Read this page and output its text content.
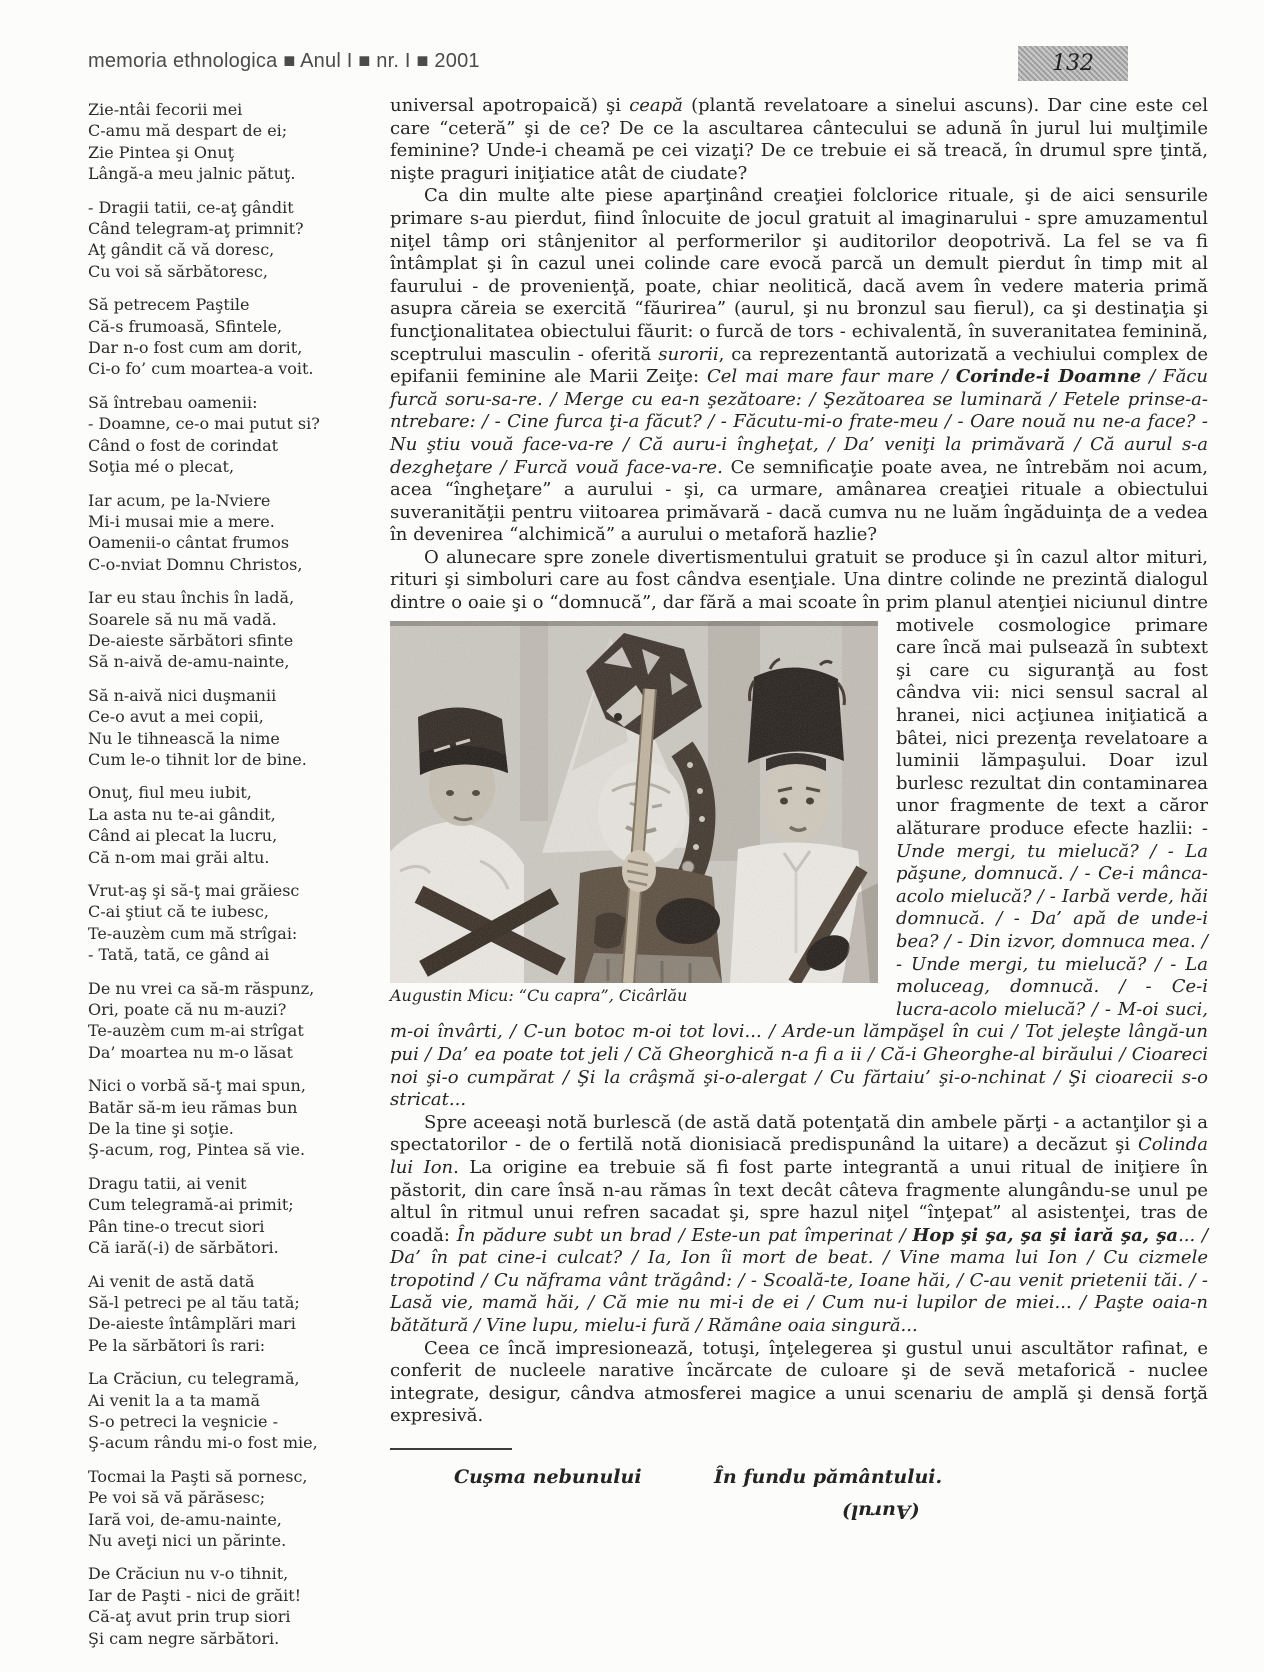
memoria ethnologica ■ Anul I ■ nr. I ■ 2001	132
Zie-ntâi fecorii mei
C-amu mă despart de ei;
Zie Pintea şi Onuţ
Lângă-a meu jalnic pătuţ.
- Dragii tatii, ce-aţ gândit
Când telegram-aţ primnit?
Aţ gândit că vă doresc,
Cu voi să sărbătoresc,
Să petrecem Paştile
Că-s frumoasă, Sfintele,
Dar n-o fost cum am dorit,
Ci-o fo’ cum moartea-a voit.
Să întrebau oamenii:
- Doamne, ce-o mai putut si?
Când o fost de corindat
Soţia mé o plecat,
Iar acum, pe la-Nviere
Mi-i musai mie a mere.
Oamenii-o cântat frumos
C-o-nviat Domnu Christos,
Iar eu stau închis în ladă,
Soarele să nu mă vadă.
De-aieste sărbători sfinte
Să n-aivă de-amu-nainte,
Să n-aivă nici duşmanii
Ce-o avut a mei copii,
Nu le tihnească la nime
Cum le-o tihnit lor de bine.
Onuţ, fiul meu iubit,
La asta nu te-ai gândit,
Când ai plecat la lucru,
Că n-om mai grăi altu.
Vrut-aş şi să-ţ mai grăiesc
C-ai ştiut că te iubesc,
Te-auzèm cum mă strîgai:
- Tată, tată, ce gând ai
De nu vrei ca să-m răspunz,
Ori, poate că nu m-auzi?
Te-auzèm cum m-ai strîgat
Da’ moartea nu m-o lăsat
Nici o vorbă să-ţ mai spun,
Batăr să-m ieu rămas bun
De la tine şi soţie.
Ş-acum, rog, Pintea să vie.
Dragu tatii, ai venit
Cum telegramă-ai primit;
Pân tine-o trecut siori
Că iară(-i) de sărbători.
Ai venit de astă dată
Să-l petreci pe al tău tată;
De-aieste întâmplări mari
Pe la sărbători îs rari:
La Crăciun, cu telegramă,
Ai venit la a ta mamă
S-o petreci la veşnicie -
Ş-acum rându mi-o fost mie,
Tocmai la Paşti să pornesc,
Pe voi să vă părăsesc;
Iară voi, de-amu-nainte,
Nu aveţi nici un părinte.
De Crăciun nu v-o tihnit,
Iar de Paşti - nici de grăit!
Că-aţ avut prin trup siori
Şi cam negre sărbători.

universal apotropaică) şi ceapă (plantă revelatoare a sinelui ascuns). Dar cine este cel care “ceteră” şi de ce? De ce la ascultarea cântecului se adună în jurul lui mulţimile feminine? Unde-i cheamă pe cei vizaţi? De ce trebuie ei să treacă, în drumul spre ţintă, nişte praguri iniţiatice atât de ciudate?

Ca din multe alte piese aparţinând creaţiei folclorice rituale, şi de aici sensurile primare s-au pierdut, fiind înlocuite de jocul gratuit al imaginarului - spre amuzamentul niţel tâmp ori stânjenitor al performerilor şi auditorilor deopotrivă. La fel se va fi întâmplat şi în cazul unei colinde care evocă parcă un demult pierdut în timp mit al faurului - de provenienţă, poate, chiar neolitică, dacă avem în vedere materia primă asupra căreia se exercită “făurirea” (aurul, şi nu bronzul sau fierul), ca şi destinaţia şi funcţionalitatea obiectului făurit: o furcă de tors - echivalentă, în suveranitatea feminină, sceptrului masculin - oferită surorii, ca reprezentantă autorizată a vechiului complex de epifanii feminine ale Marii Zeiţe: Cel mai mare faur mare / Corinde-i Doamne / Făcu furcă soru-sa-re. / Merge cu ea-n şezătoare: / Şezătoarea se luminară / Fetele prinse-a-ntrebare: / - Cine furca ţi-a făcut? / - Făcutu-mi-o frate-meu / - Oare nouă nu ne-a face? - Nu ştiu vouă face-va-re / Că auru-i îngheţat, / Da’ veniţi la primăvară / Că aurul s-a dezgheţare / Furcă vouă face-va-re. Ce semnificaţie poate avea, ne întrebăm noi acum, acea “îngheţare” a aurului - şi, ca urmare, amânarea creaţiei rituale a obiectului suveranităţii pentru viitoarea primăvară - dacă cumva nu ne luăm îngăduinţa de a vedea în devenirea “alchimică” a aurului o metaforă hazlie?

O alunecare spre zonele divertismentului gratuit se produce şi în cazul altor mituri, rituri şi simboluri care au fost cândva esenţiale. Una dintre colinde ne prezintă dialogul dintre o oaie şi o “domnucă”, dar fără a mai scoate în prim
Augustin Micu: “Cu capra”, Cicârlău
planul atenţiei niciunul dintre motivele cosmologice primare care încă mai pulsează în subtext şi care cu siguranţă au fost cândva vii: nici sensul sacral al hranei, nici acţiunea iniţiatică a bâtei, nici prezenţa revelatoare a luminii lămpaşului. Doar izul burlesc rezultat din contaminarea unor fragmente de text a căror alăturare produce efecte hazlii: - Unde mergi, tu mielucă? / - La păşune, domnucă. / - Ce-i mânca-acolo mielucă? / - Iarbă verde, hăi domnucă. / - Da’ apă de unde-i bea? / - Din izvor, domnuca mea. / - Unde mergi, tu mielucă? / - La moluceag, domnucă. / - Ce-i lucra-acolo mielucă? / - M-oi suci, m-oi învârti, / C-un botoc m-oi tot lovi... / Arde-un lămpăşel în cui / Tot jeleşte lângă-un pui / Da’ ea poate tot jeli / Că Gheorghică n-a fi a ii / Că-i Gheorghe-al birăului / Cioareci noi şi-o cumpărat / Şi la crâşmă şi-o-alergat / Cu fărtaiu’ şi-o-nchinat / Şi cioarecii s-o stricat...

Spre aceeaşi notă burlescă (de astă dată potenţată din ambele părţi - a actanţilor şi a spectatorilor - de o fertilă notă dionisiacă predispunând la uitare) a decăzut şi Colinda lui Ion. La origine ea trebuie să fi fost parte integrantă a unui ritual de iniţiere în păstorit, din care însă n-au rămas în text decât câteva fragmente alungându-se unul pe altul în ritmul unui refren sacadat şi, spre hazul niţel “înţepat” al asistenţei, tras de coadă: În pădure subt un brad / Este-un pat împerinat / Hop şi şa, şa şi iară şa, şa... / Da’ în pat cine-i culcat? / Ia, Ion îi mort de beat. / Vine mama lui Ion / Cu cizmele tropotind / Cu năframa vânt trăgând: / - Scoală-te, Ioane hăi, / C-au venit prietenii tăi. / - Lasă vie, mamă hăi, / Că mie nu mi-i de ei / Cum nu-i lupilor de miei... / Paşte oaia-n bătătură / Vine lupu, mielu-i fură / Rămâne oaia singură...

Ceea ce încă impresionează, totuşi, înţelegerea şi gustul unui ascultător rafinat, e conferit de nucleele narative încărcate de culoare şi de sevă metaforică - nuclee integrate, desigur, cândva atmosferei magice a unui scenariu de amplă şi densă forţă expresivă.

Cuşma nebunului	În fundu pământului.
(Aurul)
